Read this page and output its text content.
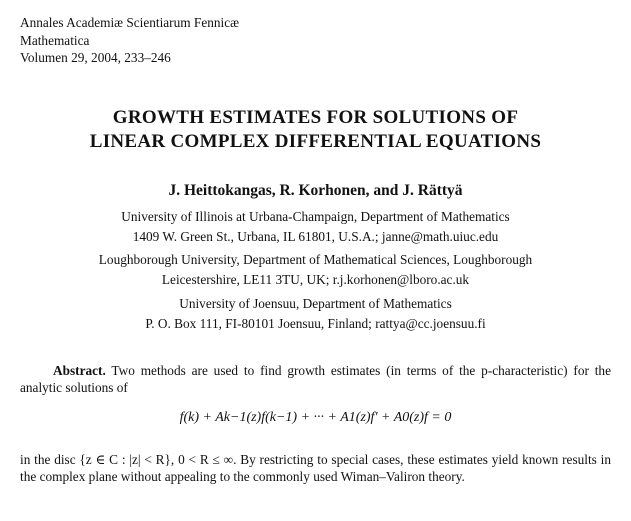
Annales Academiæ Scientiarum Fennicæ
Mathematica
Volumen 29, 2004, 233–246
GROWTH ESTIMATES FOR SOLUTIONS OF
LINEAR COMPLEX DIFFERENTIAL EQUATIONS
J. Heittokangas, R. Korhonen, and J. Rättyä
University of Illinois at Urbana-Champaign, Department of Mathematics
1409 W. Green St., Urbana, IL 61801, U.S.A.; janne@math.uiuc.edu
Loughborough University, Department of Mathematical Sciences, Loughborough
Leicestershire, LE11 3TU, UK; r.j.korhonen@lboro.ac.uk
University of Joensuu, Department of Mathematics
P. O. Box 111, FI-80101 Joensuu, Finland; rattya@cc.joensuu.fi
Abstract. Two methods are used to find growth estimates (in terms of the p-characteristic) for the analytic solutions of
f(k) + Ak−1(z)f(k−1) + ··· + A1(z)f′ + A0(z)f = 0
in the disc {z ∈ C : |z| < R}, 0 < R ≤ ∞. By restricting to special cases, these estimates yield known results in the complex plane without appealing to the commonly used Wiman–Valiron theory.
